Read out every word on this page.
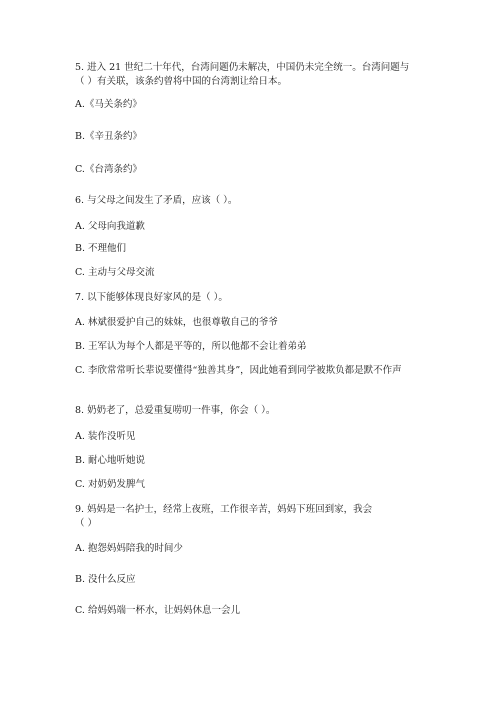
5. 进入 21 世纪二十年代，台湾问题仍未解决，中国仍未完全统一。台湾问题与
（ ）有关联，该条约曾将中国的台湾割让给日本。
A.《马关条约》
B.《辛丑条约》
C.《台湾条约》
6. 与父母之间发生了矛盾，应该（ ）。
A. 父母向我道歉
B. 不理他们
C. 主动与父母交流
7. 以下能够体现良好家风的是（ ）。
A. 林斌很爱护自己的妹妹，也很尊敬自己的爷爷
B. 王军认为每个人都是平等的，所以他都不会让着弟弟
C. 李欣常常听长辈说要懂得“独善其身”，因此她看到同学被欺负都是默不作声
8. 奶奶老了，总爱重复唠叨一件事，你会（ ）。
A. 装作没听见
B. 耐心地听她说
C. 对奶奶发脾气
9. 妈妈是一名护士，经常上夜班，工作很辛苦，妈妈下班回到家，我会
（ ）
A. 抱怨妈妈陪我的时间少
B. 没什么反应
C. 给妈妈端一杯水，让妈妈休息一会儿
